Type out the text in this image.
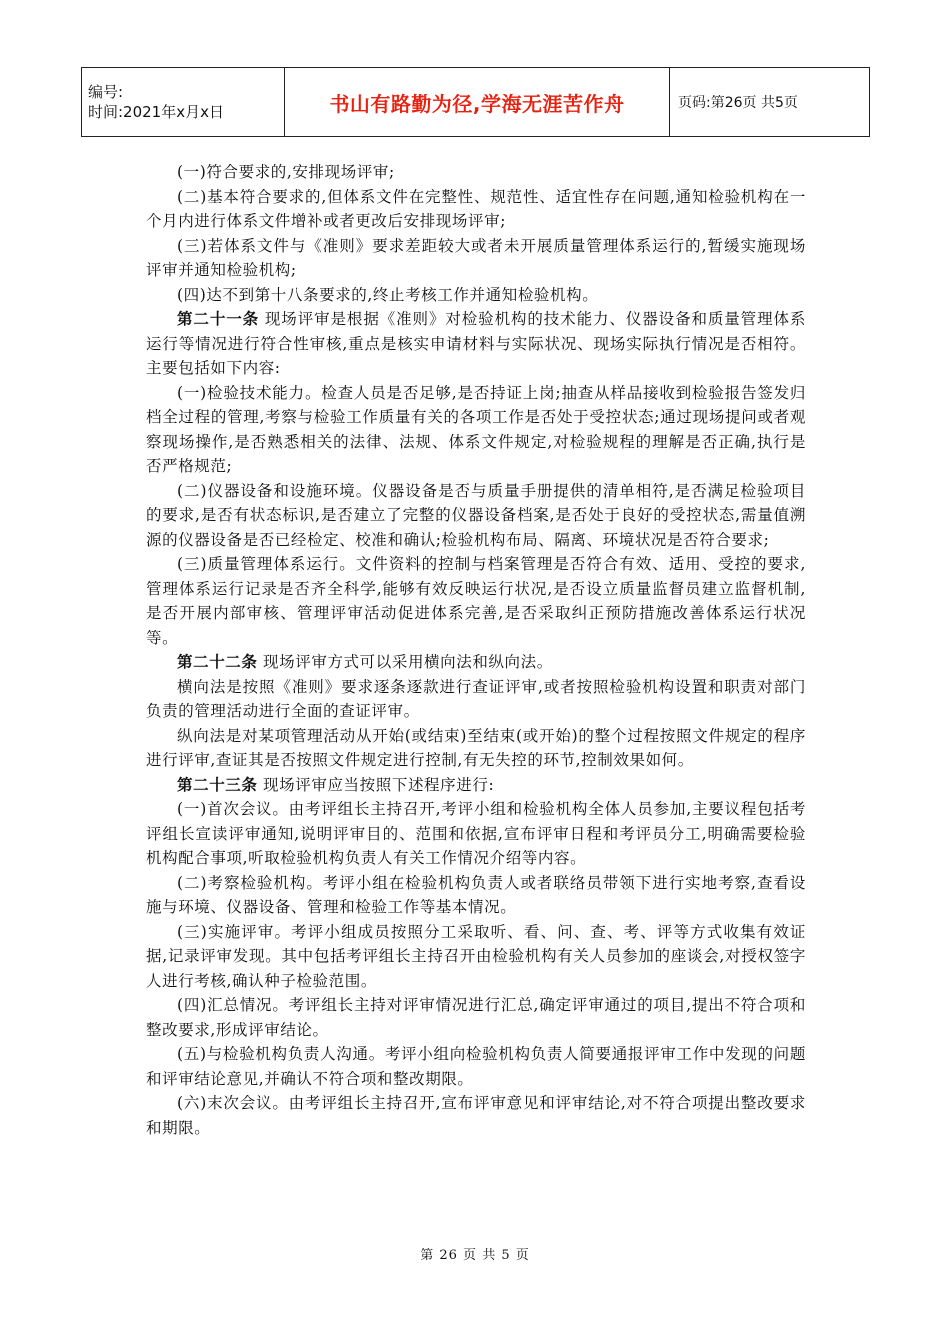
编号:
时间:2021年x月x日	书山有路勤为径,学海无涯苦作舟	页码:第26页 共5页

(一)符合要求的,安排现场评审;

(二)基本符合要求的,但体系文件在完整性、规范性、适宜性存在问题,通知检验机构在一个月内进行体系文件增补或者更改后安排现场评审;

(三)若体系文件与《准则》要求差距较大或者未开展质量管理体系运行的,暂缓实施现场评审并通知检验机构;

(四)达不到第十八条要求的,终止考核工作并通知检验机构。

第二十一条 现场评审是根据《准则》对检验机构的技术能力、仪器设备和质量管理体系运行等情况进行符合性审核,重点是核实申请材料与实际状况、现场实际执行情况是否相符。主要包括如下内容:

(一)检验技术能力。检查人员是否足够,是否持证上岗;抽查从样品接收到检验报告签发归档全过程的管理,考察与检验工作质量有关的各项工作是否处于受控状态;通过现场提问或者观察现场操作,是否熟悉相关的法律、法规、体系文件规定,对检验规程的理解是否正确,执行是否严格规范;

(二)仪器设备和设施环境。仪器设备是否与质量手册提供的清单相符,是否满足检验项目的要求,是否有状态标识,是否建立了完整的仪器设备档案,是否处于良好的受控状态,需量值溯源的仪器设备是否已经检定、校准和确认;检验机构布局、隔离、环境状况是否符合要求;

(三)质量管理体系运行。文件资料的控制与档案管理是否符合有效、适用、受控的要求,管理体系运行记录是否齐全科学,能够有效反映运行状况,是否设立质量监督员建立监督机制,是否开展内部审核、管理评审活动促进体系完善,是否采取纠正预防措施改善体系运行状况等。

第二十二条 现场评审方式可以采用横向法和纵向法。

横向法是按照《准则》要求逐条逐款进行查证评审,或者按照检验机构设置和职责对部门负责的管理活动进行全面的查证评审。

纵向法是对某项管理活动从开始(或结束)至结束(或开始)的整个过程按照文件规定的程序进行评审,查证其是否按照文件规定进行控制,有无失控的环节,控制效果如何。

第二十三条 现场评审应当按照下述程序进行:

(一)首次会议。由考评组长主持召开,考评小组和检验机构全体人员参加,主要议程包括考评组长宣读评审通知,说明评审目的、范围和依据,宣布评审日程和考评员分工,明确需要检验机构配合事项,听取检验机构负责人有关工作情况介绍等内容。

(二)考察检验机构。考评小组在检验机构负责人或者联络员带领下进行实地考察,查看设施与环境、仪器设备、管理和检验工作等基本情况。

(三)实施评审。考评小组成员按照分工采取听、看、问、查、考、评等方式收集有效证据,记录评审发现。其中包括考评组长主持召开由检验机构有关人员参加的座谈会,对授权签字人进行考核,确认种子检验范围。

(四)汇总情况。考评组长主持对评审情况进行汇总,确定评审通过的项目,提出不符合项和整改要求,形成评审结论。

(五)与检验机构负责人沟通。考评小组向检验机构负责人简要通报评审工作中发现的问题和评审结论意见,并确认不符合项和整改期限。

(六)末次会议。由考评组长主持召开,宣布评审意见和评审结论,对不符合项提出整改要求和期限。

第 26 页 共 5 页
